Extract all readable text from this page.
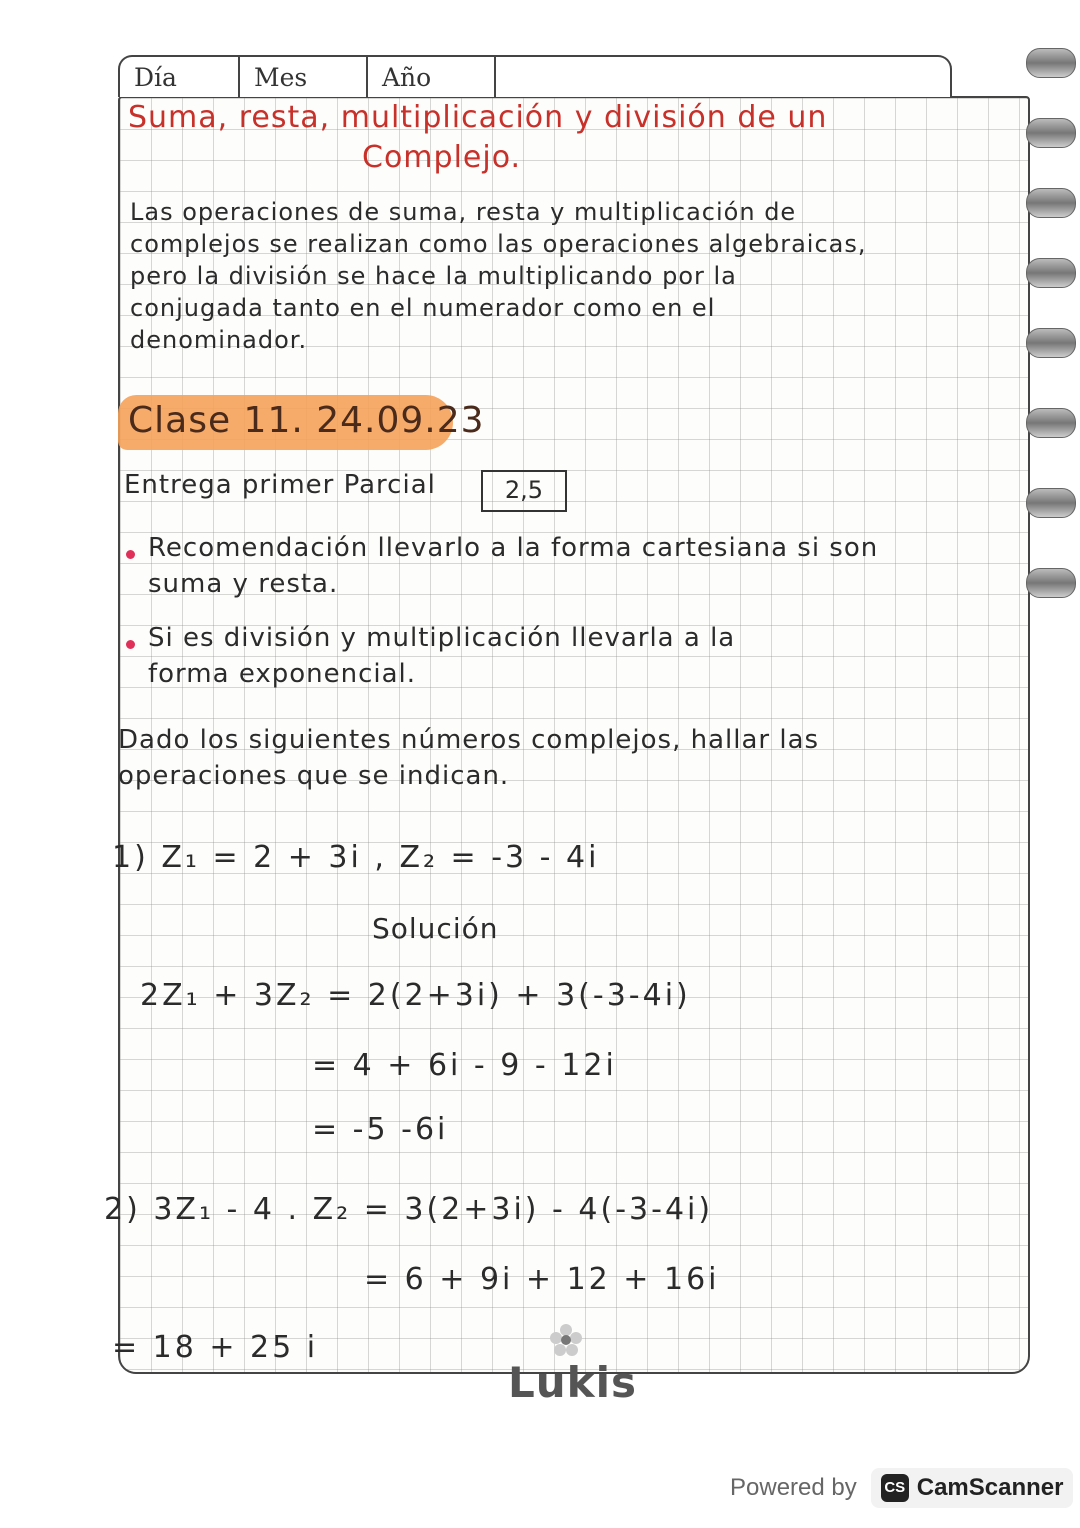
Día	Mes	Año
Suma, resta, multiplicación y división de un
Complejo.
Las operaciones de suma, resta y multiplicación de
complejos se realizan como las operaciones algebraicas,
pero la división se hace la multiplicando por la
conjugada tanto en el numerador como en el
denominador.
Clase 11. 24.09.23
Entrega primer Parcial	2,5
Recomendación llevarlo a la forma cartesiana si son
suma y resta.
Si es división y multiplicación llevarla a la
forma exponencial.
Dado los siguientes números complejos, hallar las
operaciones que se indican.
1) Z₁ = 2 + 3i , Z₂ = -3 - 4i
Solución
2Z₁ + 3Z₂ = 2(2+3i) + 3(-3-4i)
= 4 + 6i - 9 - 12i
= -5 -6i
2) 3Z₁ - 4 . Z₂ = 3(2+3i) - 4(-3-4i)
= 6 + 9i + 12 + 16i
= 18 + 25 i
Lukis
Powered by CS CamScanner
